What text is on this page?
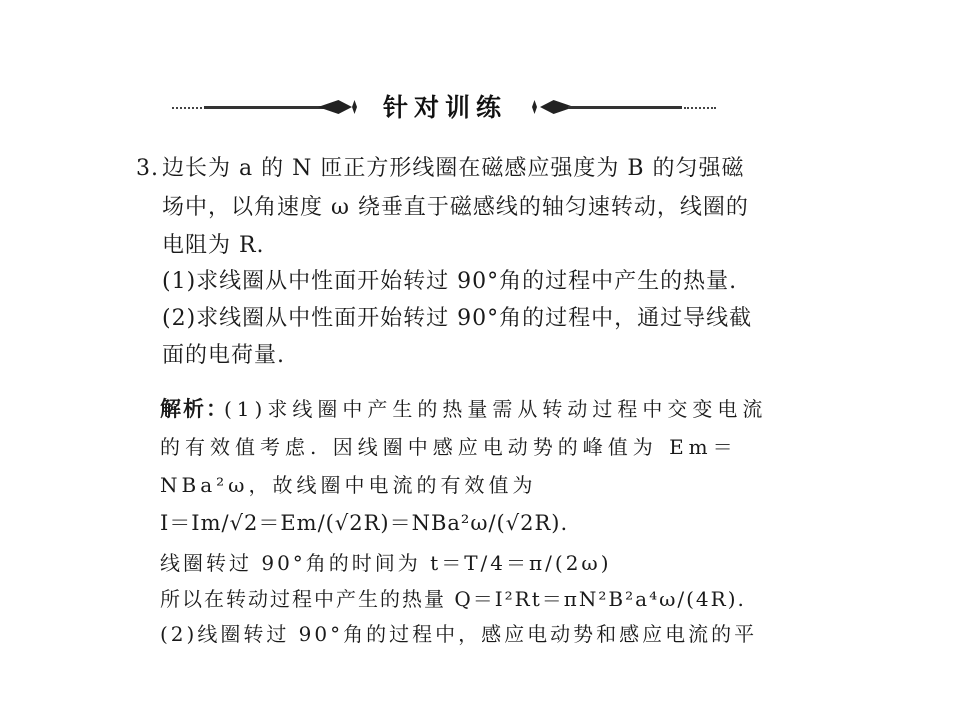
针对训练
3. 边长为 a 的 N 匝正方形线圈在磁感应强度为 B 的匀强磁
场中，以角速度 ω 绕垂直于磁感线的轴匀速转动，线圈的
电阻为 R.
(1)求线圈从中性面开始转过 90°角的过程中产生的热量.
(2)求线圈从中性面开始转过 90°角的过程中，通过导线截
面的电荷量.
解析：
(1)求线圈中产生的热量需从转动过程中交变电流
的有效值考虑. 因线圈中感应电动势的峰值为 Em＝
NBa²ω，故线圈中电流的有效值为
I＝Im/√2＝Em/(√2R)＝NBa²ω/(√2R).
线圈转过 90°角的时间为 t＝T/4＝π/(2ω)
所以在转动过程中产生的热量 Q＝I²Rt＝πN²B²a⁴ω/(4R).
(2)线圈转过 90°角的过程中，感应电动势和感应电流的平
